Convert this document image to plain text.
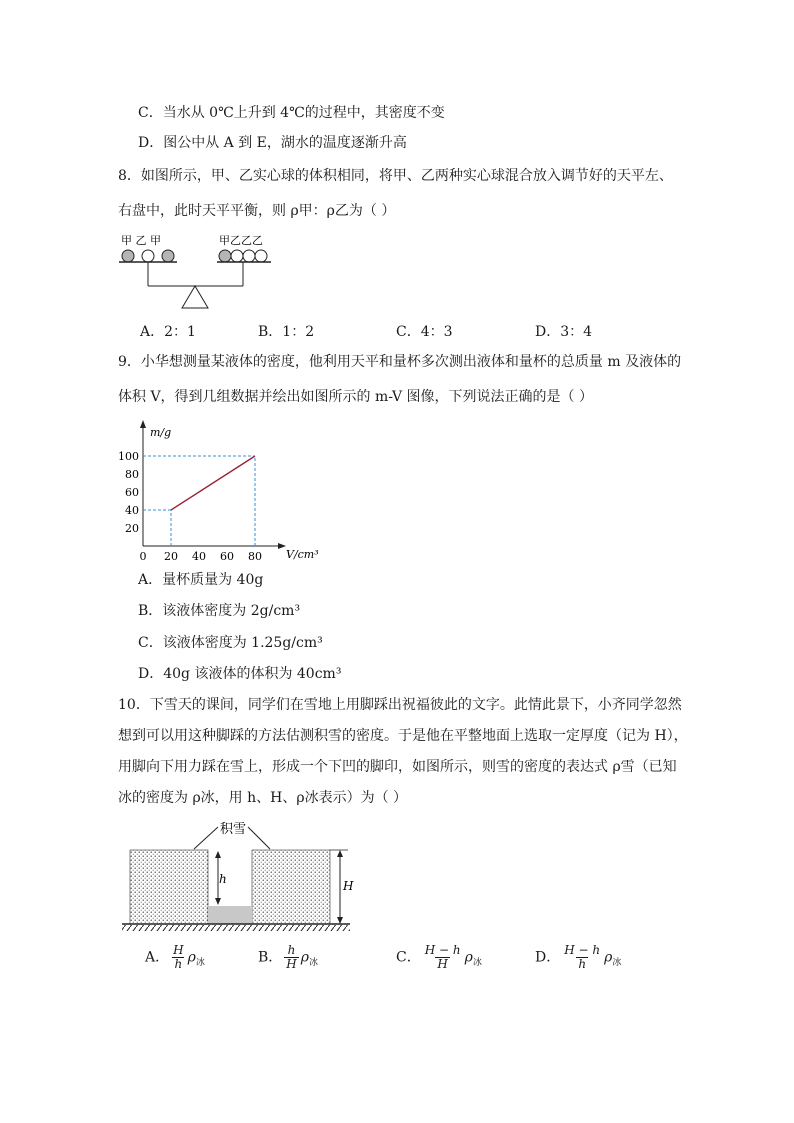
C．当水从 0℃上升到 4℃的过程中，其密度不变
D．图公中从 A 到 E，湖水的温度逐渐升高
8．如图所示，甲、乙实心球的体积相同，将甲、乙两种实心球混合放入调节好的天平左、
右盘中，此时天平平衡，则 ρ甲：ρ乙为（ ）
甲 乙 甲	甲乙乙乙
A．2：1	B．1：2	C．4：3	D．3：4
9．小华想测量某液体的密度，他利用天平和量杯多次测出液体和量杯的总质量 m 及液体的
体积 V，得到几组数据并绘出如图所示的 m-V 图像，下列说法正确的是（ ）
m/g
V/cm³
0 20 40 60 80
20
40
60
80
100
A．量杯质量为 40g
B．该液体密度为 2g/cm³
C．该液体密度为 1.25g/cm³
D．40g 该液体的体积为 40cm³
10．下雪天的课间，同学们在雪地上用脚踩出祝福彼此的文字。此情此景下，小齐同学忽然
想到可以用这种脚踩的方法估测积雪的密度。于是他在平整地面上选取一定厚度（记为 H），
用脚向下用力踩在雪上，形成一个下凹的脚印，如图所示，则雪的密度的表达式 ρ雪（已知
冰的密度为 ρ冰，用 h、H、ρ冰表示）为（ ）
积雪
h	H
A． $\frac{H}{h} \rho_冰$	B． $\frac{h}{H} \rho_冰$	C． $\frac{H - h}{H} \rho_冰$	D． $\frac{H - h}{h} \rho_冰$
